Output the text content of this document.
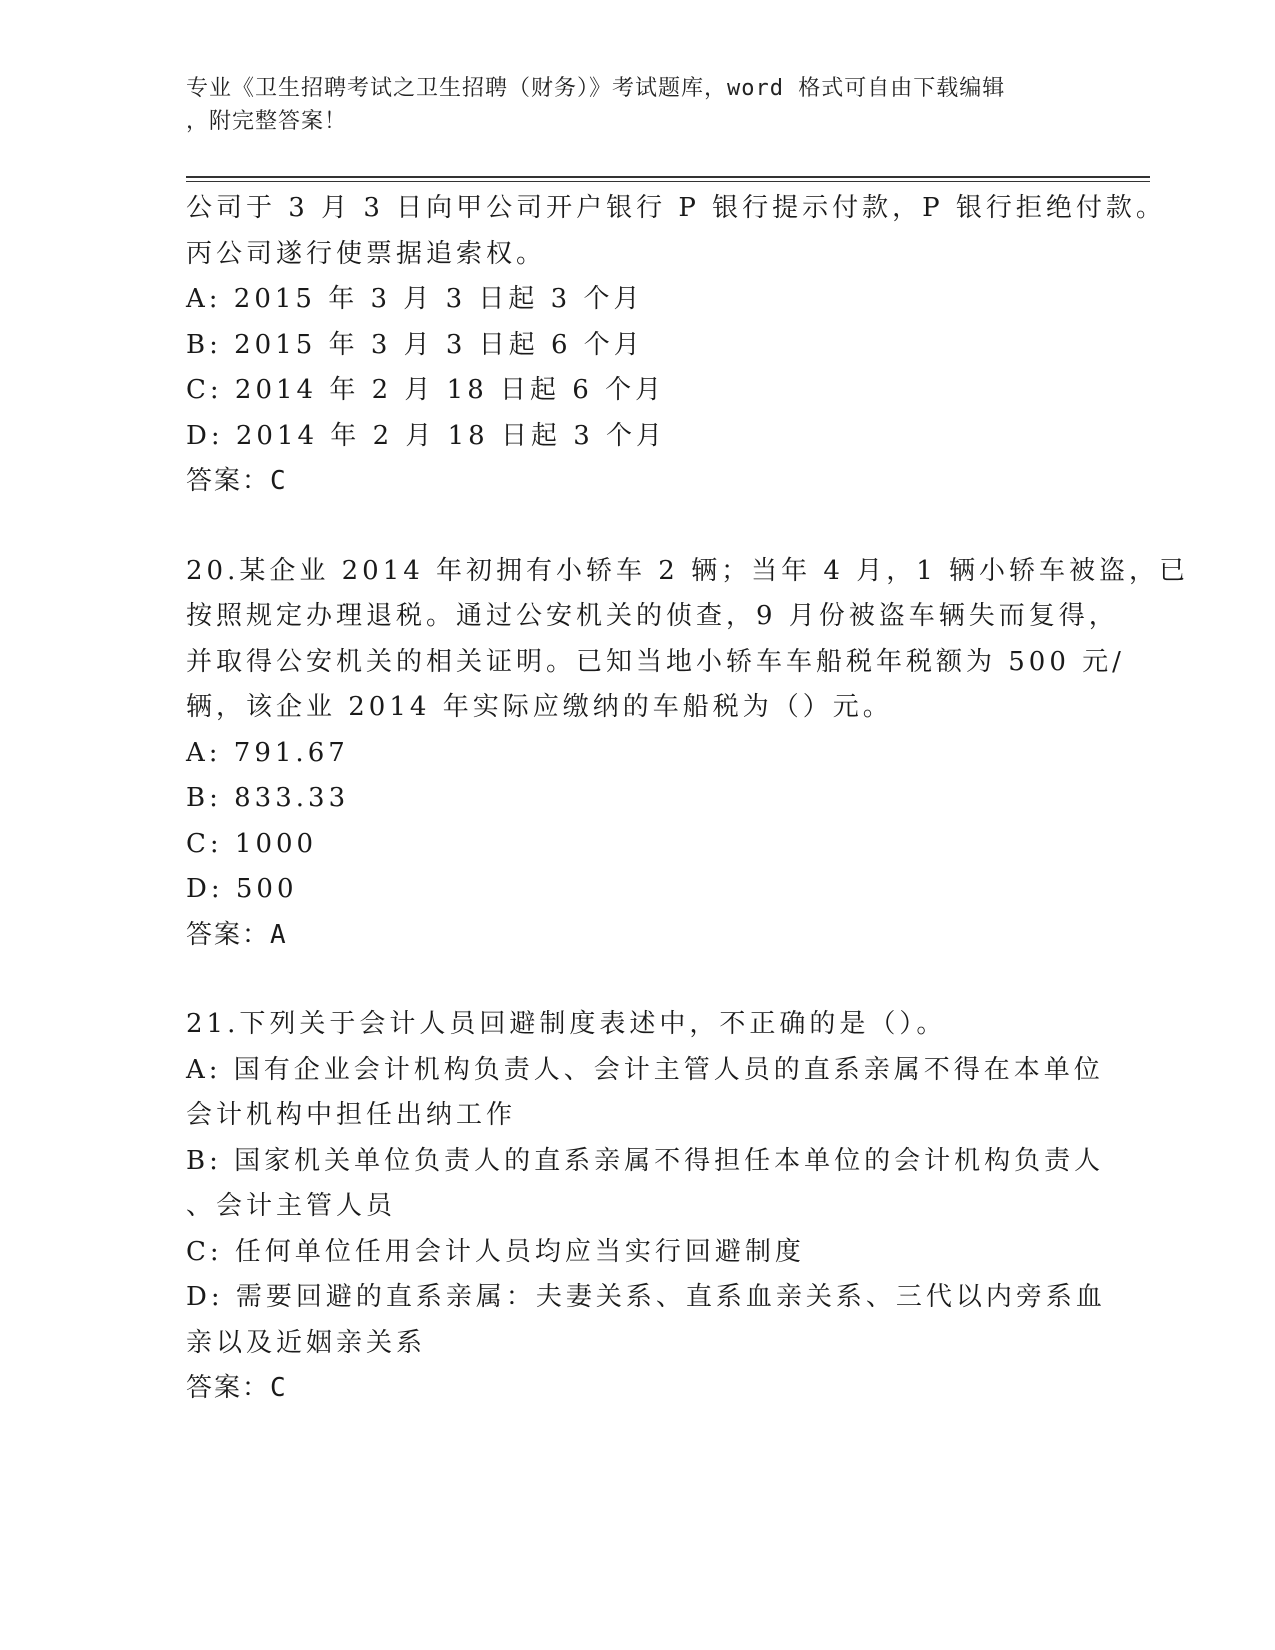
专业《卫生招聘考试之卫生招聘（财务）》考试题库，word 格式可自由下载编辑
，附完整答案！
公司于 3 月 3 日向甲公司开户银行 P 银行提示付款，P 银行拒绝付款。
丙公司遂行使票据追索权。
A: 2015 年 3 月 3 日起 3 个月
B: 2015 年 3 月 3 日起 6 个月
C: 2014 年 2 月 18 日起 6 个月
D: 2014 年 2 月 18 日起 3 个月
答案：C
20.某企业 2014 年初拥有小轿车 2 辆；当年 4 月，1 辆小轿车被盗，已
按照规定办理退税。通过公安机关的侦查，9 月份被盗车辆失而复得，
并取得公安机关的相关证明。已知当地小轿车车船税年税额为 500 元/
辆，该企业 2014 年实际应缴纳的车船税为（）元。
A: 791.67
B: 833.33
C: 1000
D: 500
答案：A
21.下列关于会计人员回避制度表述中，不正确的是（）。
A: 国有企业会计机构负责人、会计主管人员的直系亲属不得在本单位
会计机构中担任出纳工作
B: 国家机关单位负责人的直系亲属不得担任本单位的会计机构负责人
、会计主管人员
C: 任何单位任用会计人员均应当实行回避制度
D: 需要回避的直系亲属：夫妻关系、直系血亲关系、三代以内旁系血
亲以及近姻亲关系
答案：C
